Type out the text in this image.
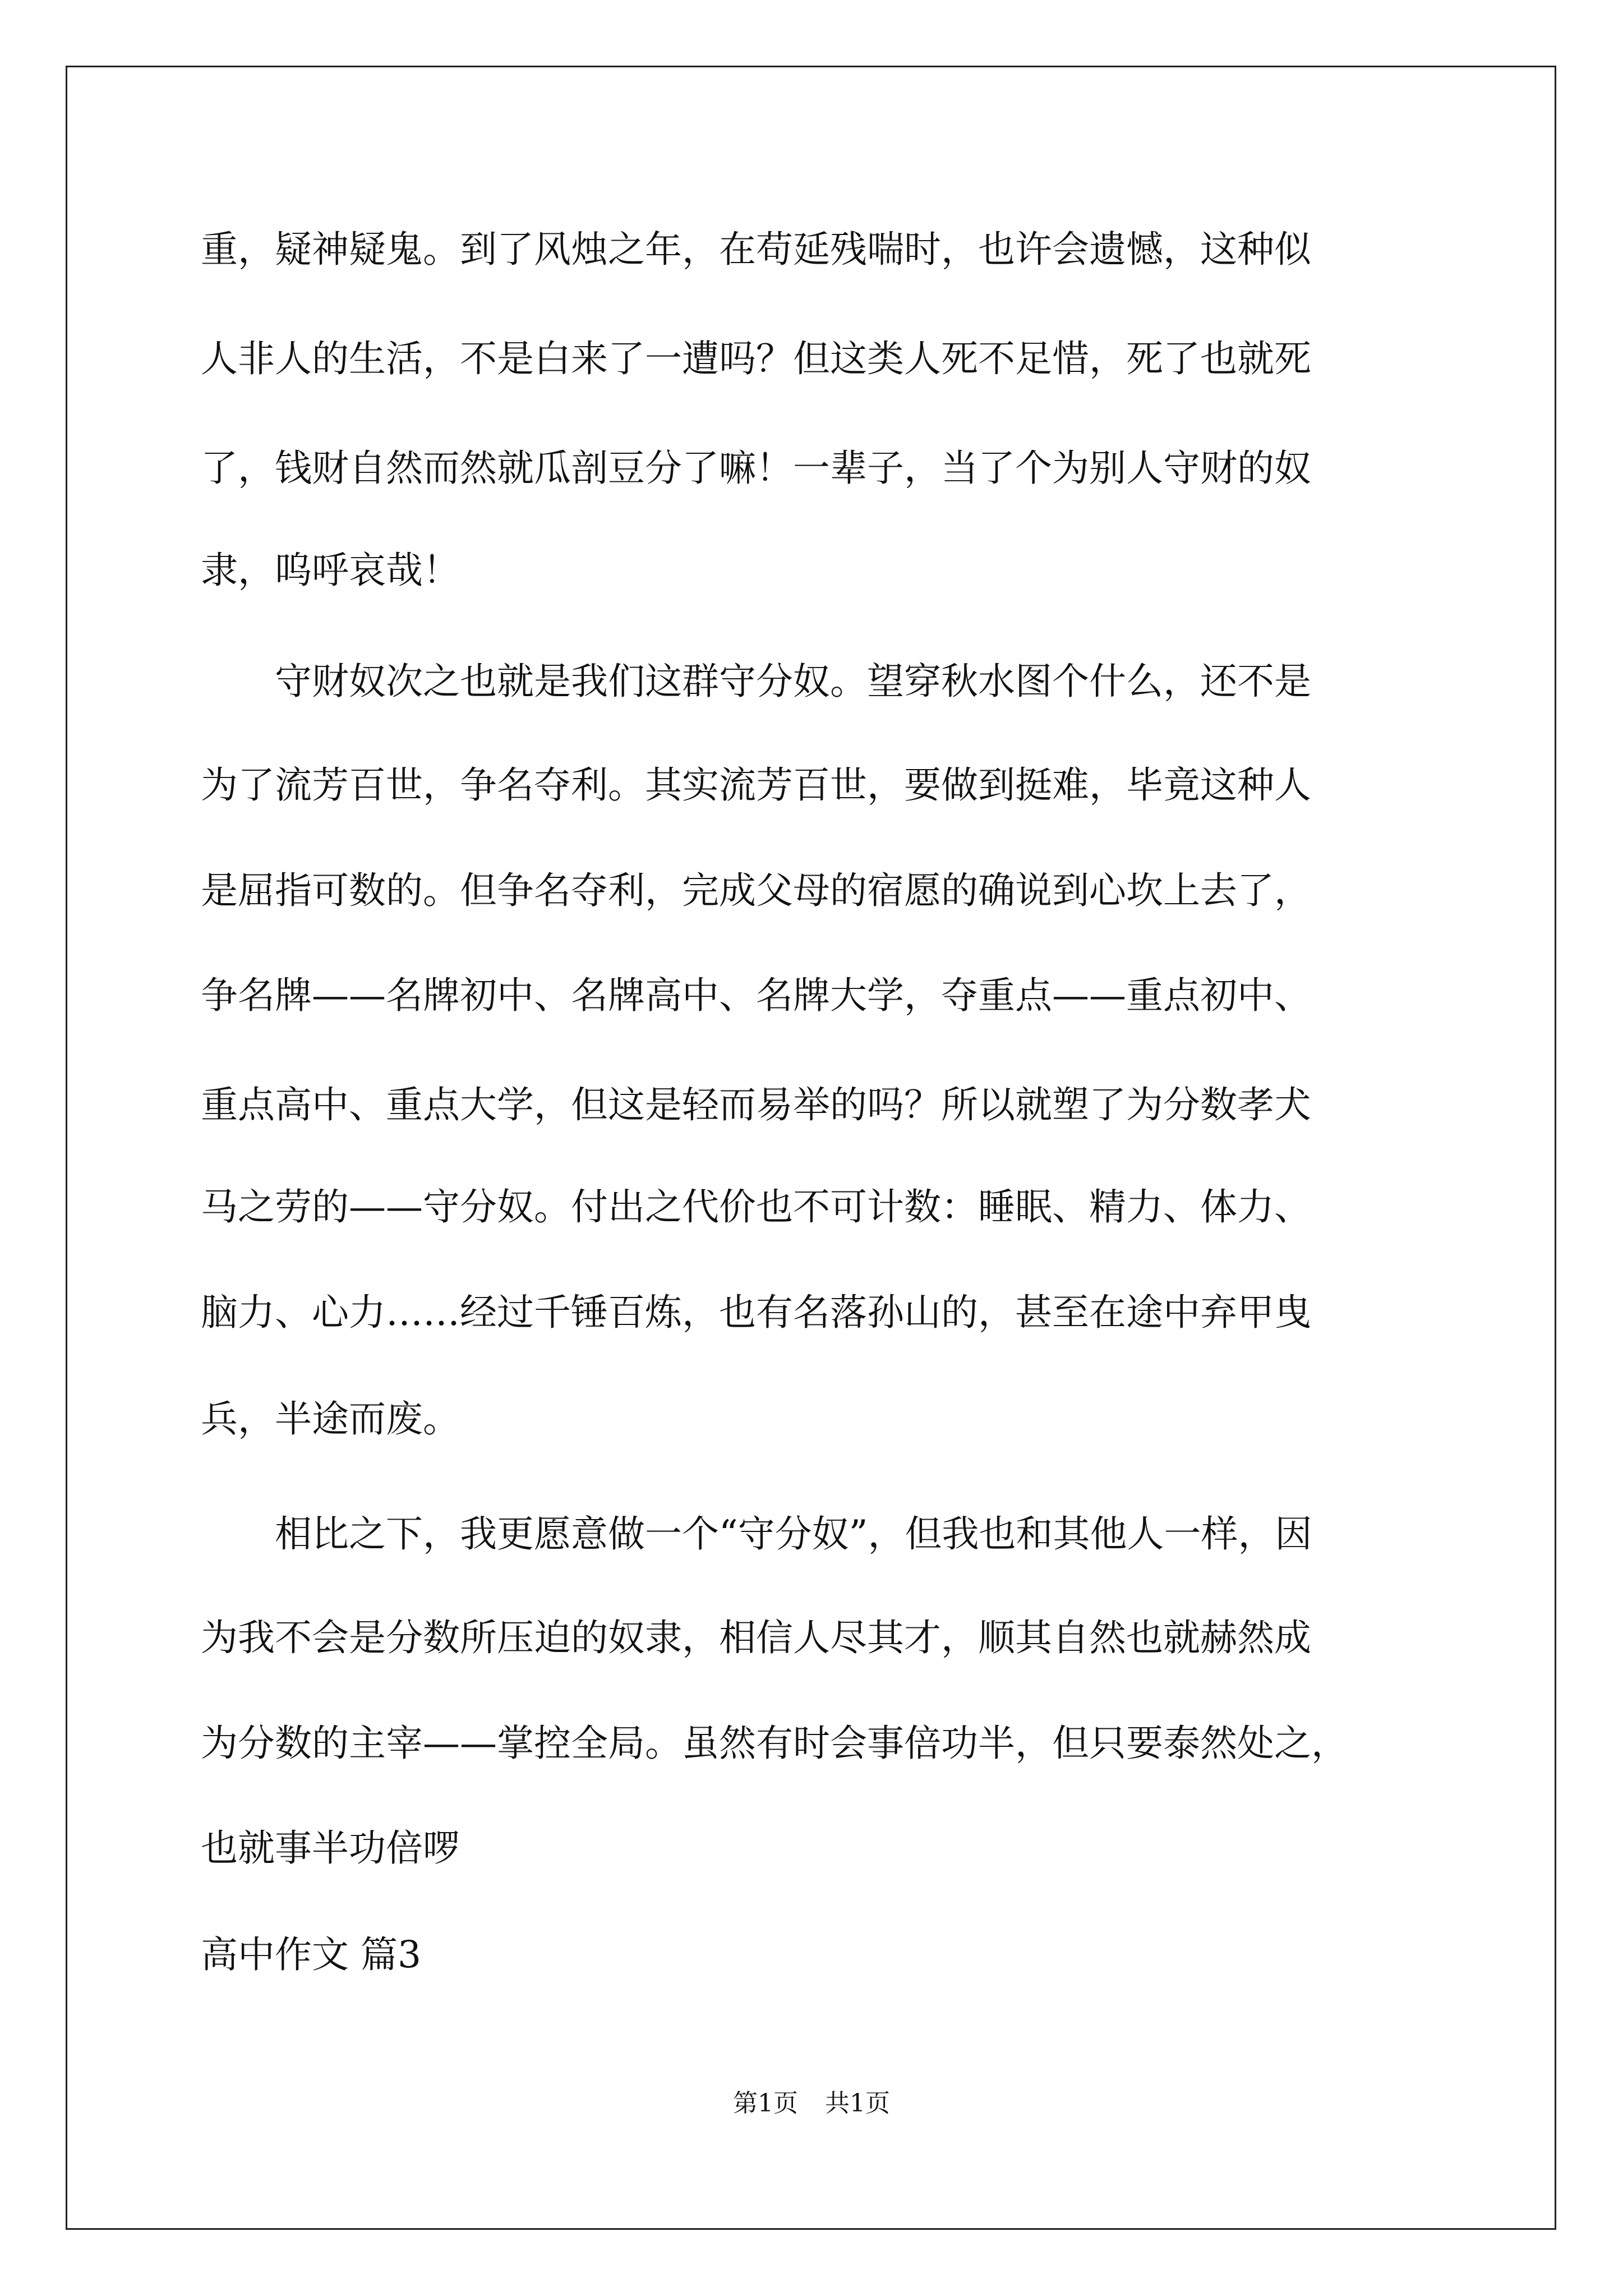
重，疑神疑鬼。到了风烛之年，在苟延残喘时，也许会遗憾，这种似
人非人的生活，不是白来了一遭吗？但这类人死不足惜，死了也就死
了，钱财自然而然就瓜剖豆分了嘛！一辈子，当了个为别人守财的奴
隶，呜呼哀哉！
　　守财奴次之也就是我们这群守分奴。望穿秋水图个什么，还不是
为了流芳百世，争名夺利。其实流芳百世，要做到挺难，毕竟这种人
是屈指可数的。但争名夺利，完成父母的宿愿的确说到心坎上去了，
争名牌——名牌初中、名牌高中、名牌大学，夺重点——重点初中、
重点高中、重点大学，但这是轻而易举的吗？所以就塑了为分数孝犬
马之劳的——守分奴。付出之代价也不可计数：睡眠、精力、体力、
脑力、心力……经过千锤百炼，也有名落孙山的，甚至在途中弃甲曳
兵，半途而废。
　　相比之下，我更愿意做一个“守分奴”，但我也和其他人一样，因
为我不会是分数所压迫的奴隶，相信人尽其才，顺其自然也就赫然成
为分数的主宰——掌控全局。虽然有时会事倍功半，但只要泰然处之，
也就事半功倍啰
高中作文 篇3
第1页 共1页
